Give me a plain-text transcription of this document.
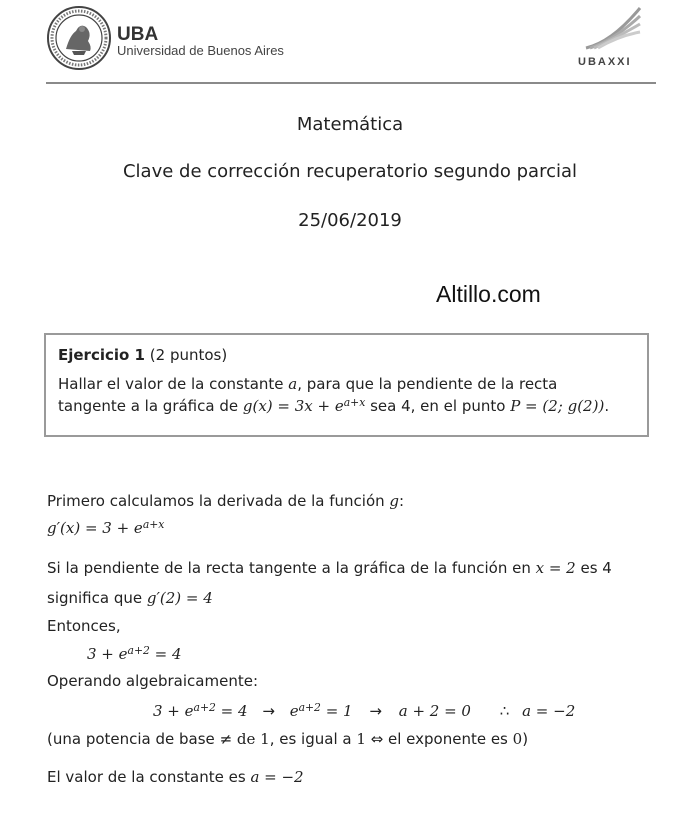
UBA
Universidad de Buenos Aires
UBAXXI
Matemática
Clave de corrección recuperatorio segundo parcial
25/06/2019
Altillo.com
Ejercicio 1 (2 puntos)
Hallar el valor de la constante a, para que la pendiente de la recta
tangente a la gráfica de $g(x) = 3x + e^{a+x}$ sea 4, en el punto P = (2; g(2)).
Primero calculamos la derivada de la función g:
$g'(x) = 3 + e^{a+x}$
Si la pendiente de la recta tangente a la gráfica de la función en x = 2 es 4
significa que g′(2) = 4
Entonces,
$3 + e^{a+2} = 4$
Operando algebraicamente:
$3 + e^{a+2} = 4 \to e^{a+2} = 1 \to a + 2 = 0$ ∴ a = −2
(una potencia de base ≠ de 1, es igual a 1 ⇔ el exponente es 0)
El valor de la constante es a = −2
